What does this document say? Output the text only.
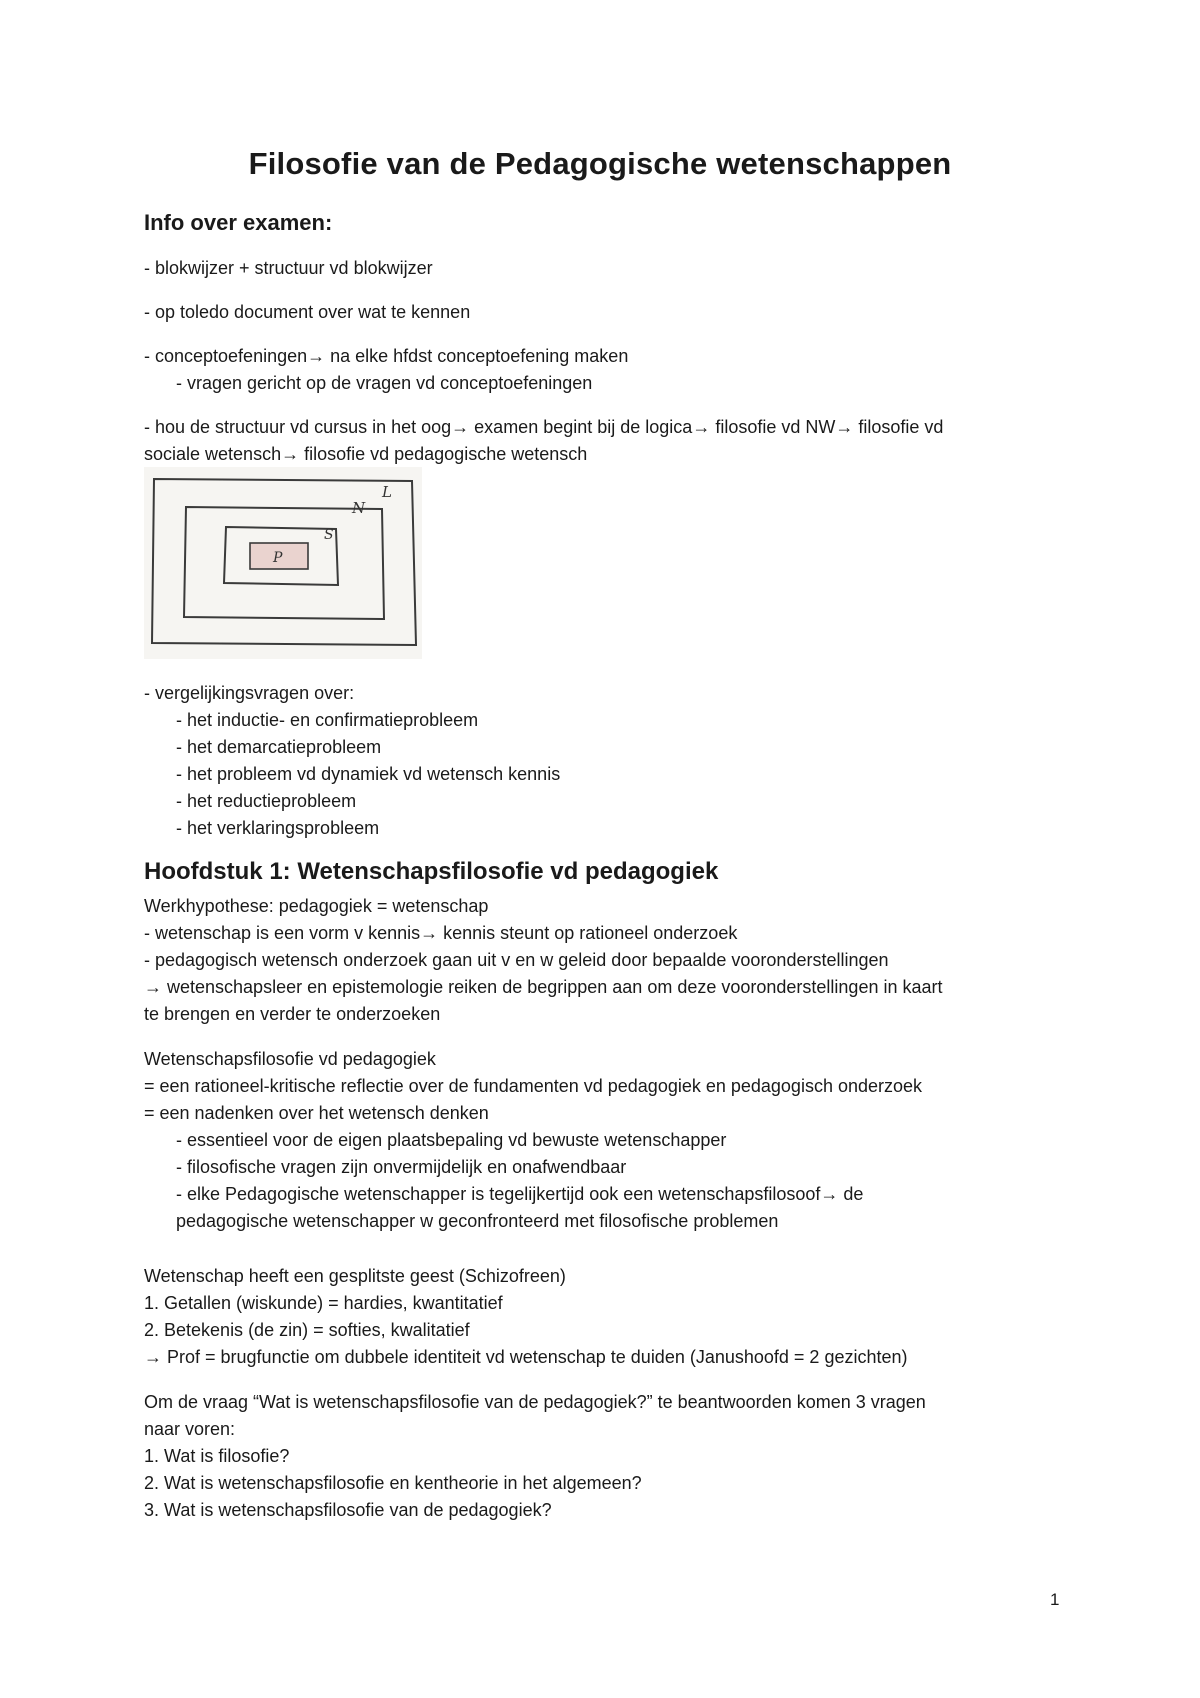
Filosofie van de Pedagogische wetenschappen
Info over examen:

- blokwijzer + structuur vd blokwijzer

- op toledo document over wat te kennen

- conceptoefeningen→ na elke hfdst conceptoefening maken

- vragen gericht op de vragen vd conceptoefeningen

- hou de structuur vd cursus in het oog→ examen begint bij de logica→ filosofie vd NW→ filosofie vd

sociale wetensch→ filosofie vd pedagogische wetensch

L
N
S
P

- vergelijkingsvragen over:

- het inductie- en confirmatieprobleem

- het demarcatieprobleem

- het probleem vd dynamiek vd wetensch kennis

- het reductieprobleem

- het verklaringsprobleem

Hoofdstuk 1: Wetenschapsfilosofie vd pedagogiek

Werkhypothese: pedagogiek = wetenschap

- wetenschap is een vorm v kennis→ kennis steunt op rationeel onderzoek

- pedagogisch wetensch onderzoek gaan uit v en w geleid door bepaalde vooronderstellingen

→ wetenschapsleer en epistemologie reiken de begrippen aan om deze vooronderstellingen in kaart

te brengen en verder te onderzoeken

Wetenschapsfilosofie vd pedagogiek

= een rationeel-kritische reflectie over de fundamenten vd pedagogiek en pedagogisch onderzoek

= een nadenken over het wetensch denken

- essentieel voor de eigen plaatsbepaling vd bewuste wetenschapper

- filosofische vragen zijn onvermijdelijk en onafwendbaar

- elke Pedagogische wetenschapper is tegelijkertijd ook een wetenschapsfilosoof→ de

pedagogische wetenschapper w geconfronteerd met filosofische problemen

Wetenschap heeft een gesplitste geest (Schizofreen)

1. Getallen (wiskunde) = hardies, kwantitatief

2. Betekenis (de zin) = softies, kwalitatief

→ Prof = brugfunctie om dubbele identiteit vd wetenschap te duiden (Janushoofd = 2 gezichten)

Om de vraag “Wat is wetenschapsfilosofie van de pedagogiek?” te beantwoorden komen 3 vragen

naar voren:

1. Wat is filosofie?

2. Wat is wetenschapsfilosofie en kentheorie in het algemeen?

3. Wat is wetenschapsfilosofie van de pedagogiek?

1
